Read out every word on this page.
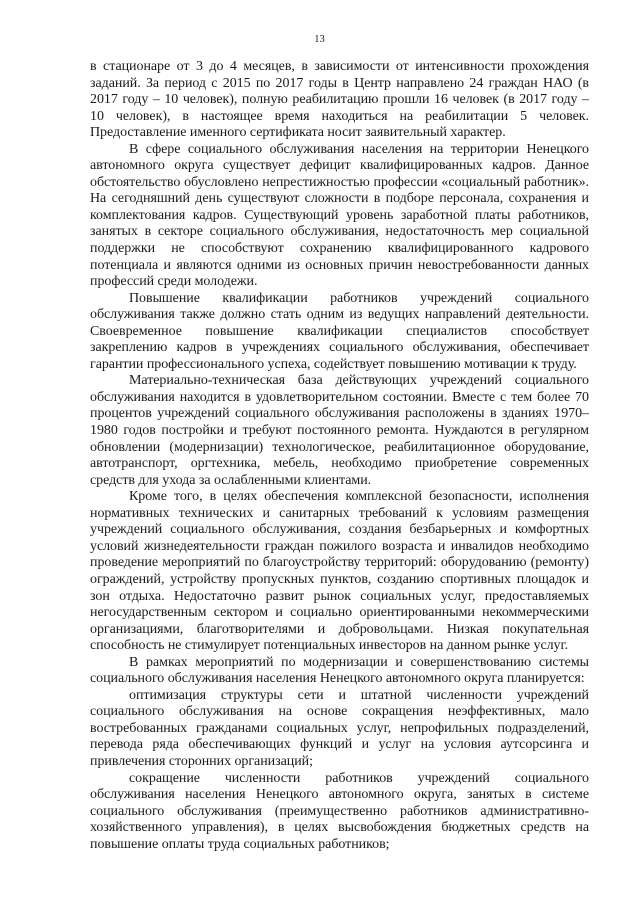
13

в стационаре от 3 до 4 месяцев, в зависимости от интенсивности прохождения заданий. За период с 2015 по 2017 годы в Центр направлено 24 граждан НАО (в 2017 году – 10 человек), полную реабилитацию прошли 16 человек (в 2017 году – 10 человек), в настоящее время находиться на реабилитации 5 человек. Предоставление именного сертификата носит заявительный характер.

В сфере социального обслуживания населения на территории Ненецкого автономного округа существует дефицит квалифицированных кадров. Данное обстоятельство обусловлено непрестижностью профессии «социальный работник». На сегодняшний день существуют сложности в подборе персонала, сохранения и комплектования кадров. Существующий уровень заработной платы работников, занятых в секторе социального обслуживания, недостаточность мер социальной поддержки не способствуют сохранению квалифицированного кадрового потенциала и являются одними из основных причин невостребованности данных профессий среди молодежи.

Повышение квалификации работников учреждений социального обслуживания также должно стать одним из ведущих направлений деятельности. Своевременное повышение квалификации специалистов способствует закреплению кадров в учреждениях социального обслуживания, обеспечивает гарантии профессионального успеха, содействует повышению мотивации к труду.

Материально-техническая база действующих учреждений социального обслуживания находится в удовлетворительном состоянии. Вместе с тем более 70 процентов учреждений социального обслуживания расположены в зданиях 1970–1980 годов постройки и требуют постоянного ремонта. Нуждаются в регулярном обновлении (модернизации) технологическое, реабилитационное оборудование, автотранспорт, оргтехника, мебель, необходимо приобретение современных средств для ухода за ослабленными клиентами.

Кроме того, в целях обеспечения комплексной безопасности, исполнения нормативных технических и санитарных требований к условиям размещения учреждений социального обслуживания, создания безбарьерных и комфортных условий жизнедеятельности граждан пожилого возраста и инвалидов необходимо проведение мероприятий по благоустройству территорий: оборудованию (ремонту) ограждений, устройству пропускных пунктов, созданию спортивных площадок и зон отдыха. Недостаточно развит рынок социальных услуг, предоставляемых негосударственным сектором и социально ориентированными некоммерческими организациями, благотворителями и добровольцами. Низкая покупательная способность не стимулирует потенциальных инвесторов на данном рынке услуг.

В рамках мероприятий по модернизации и совершенствованию системы социального обслуживания населения Ненецкого автономного округа планируется:

оптимизация структуры сети и штатной численности учреждений социального обслуживания на основе сокращения неэффективных, мало востребованных гражданами социальных услуг, непрофильных подразделений, перевода ряда обеспечивающих функций и услуг на условия аутсорсинга и привлечения сторонних организаций;

сокращение численности работников учреждений социального обслуживания населения Ненецкого автономного округа, занятых в системе социального обслуживания (преимущественно работников административно-хозяйственного управления), в целях высвобождения бюджетных средств на повышение оплаты труда социальных работников;
